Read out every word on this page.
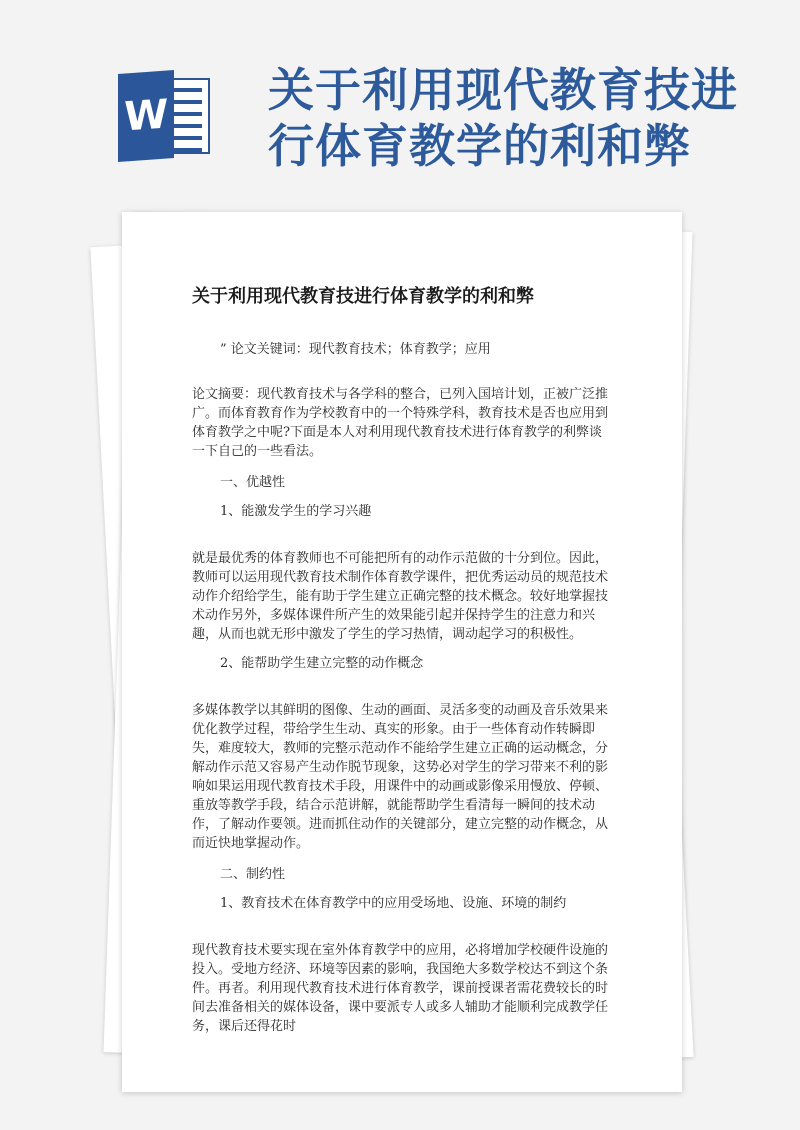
W 关于利用现代教育技进行体育教学的利和弊
关于利用现代教育技进行体育教学的利和弊

” 论文关键词：现代教育技术；体育教学；应用

论文摘要：现代教育技术与各学科的整合，已列入国培计划，正被广泛推广。而体育教育作为学校教育中的一个特殊学科，教育技术是否也应用到体育教学之中呢?下面是本人对利用现代教育技术进行体育教学的利弊谈一下自己的一些看法。

一、优越性

1、能激发学生的学习兴趣

就是最优秀的体育教师也不可能把所有的动作示范做的十分到位。因此，教师可以运用现代教育技术制作体育教学课件，把优秀运动员的规范技术动作介绍给学生，能有助于学生建立正确完整的技术概念。较好地掌握技术动作另外，多媒体课件所产生的效果能引起并保持学生的注意力和兴趣，从而也就无形中激发了学生的学习热情，调动起学习的积极性。

2、能帮助学生建立完整的动作概念

多媒体教学以其鲜明的图像、生动的画面、灵活多变的动画及音乐效果来优化教学过程，带给学生生动、真实的形象。由于一些体育动作转瞬即失，难度较大，教师的完整示范动作不能给学生建立正确的运动概念，分解动作示范又容易产生动作脱节现象，这势必对学生的学习带来不利的影响如果运用现代教育技术手段，用课件中的动画或影像采用慢放、停顿、重放等教学手段，结合示范讲解，就能帮助学生看清每一瞬间的技术动作，了解动作要领。进而抓住动作的关键部分，建立完整的动作概念，从而近快地掌握动作。

二、制约性

1、教育技术在体育教学中的应用受场地、设施、环境的制约

现代教育技术要实现在室外体育教学中的应用，必将增加学校硬件设施的投入。受地方经济、环境等因素的影响，我国绝大多数学校达不到这个条件。再者。利用现代教育技术进行体育教学，课前授课者需花费较长的时间去准备相关的媒体设备，课中要派专人或多人辅助才能顺利完成教学任务，课后还得花时
